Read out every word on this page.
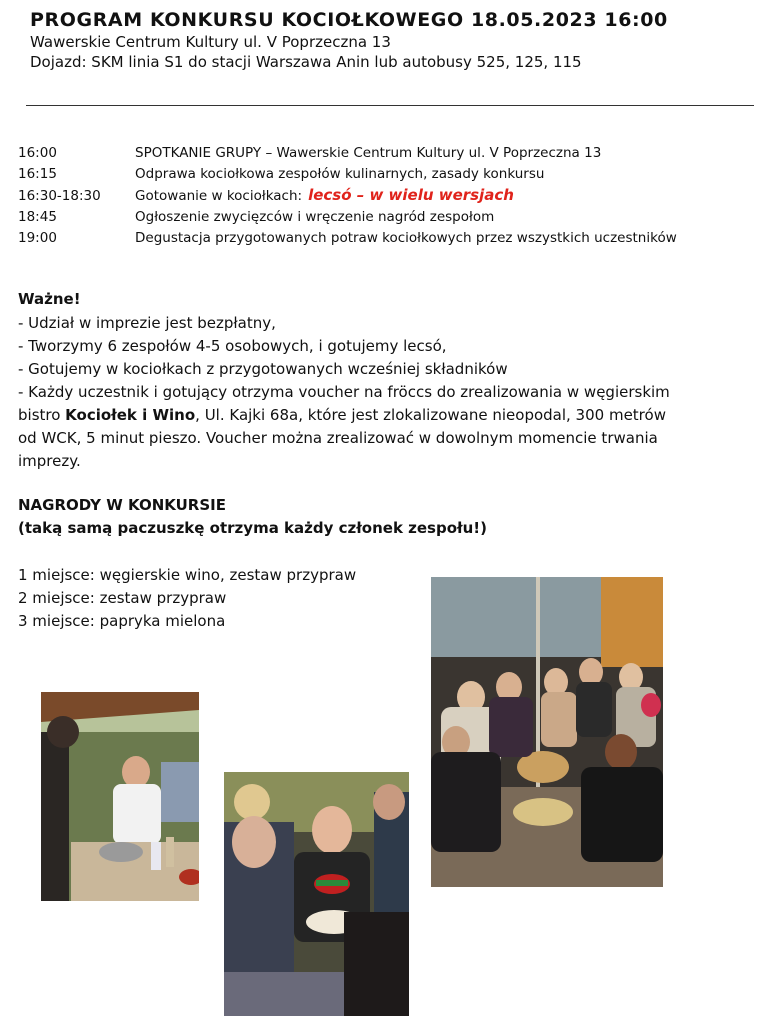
PROGRAM KONKURSU KOCIOŁKOWEGO 18.05.2023 16:00
Wawerskie Centrum Kultury ul. V Poprzeczna 13
Dojazd: SKM linia S1 do stacji Warszawa Anin lub autobusy 525, 125, 115
16:00	SPOTKANIE GRUPY – Wawerskie Centrum Kultury ul. V Poprzeczna 13
16:15	Odprawa kociołkowa zespołów kulinarnych, zasady konkursu
16:30-18:30	Gotowanie w kociołkach: lecsó – w wielu wersjach
18:45	Ogłoszenie zwycięzców i wręczenie nagród zespołom
19:00	Degustacja przygotowanych potraw kociołkowych przez wszystkich uczestników
Ważne!
- Udział w imprezie jest bezpłatny,
- Tworzymy 6 zespołów 4-5 osobowych, i gotujemy lecsó,
- Gotujemy w kociołkach z przygotowanych wcześniej składników
- Każdy uczestnik i gotujący otrzyma voucher na fröccs do zrealizowania w węgierskim
bistro Kociołek i Wino, Ul. Kajki 68a, które jest zlokalizowane nieopodal, 300 metrów
od WCK, 5 minut pieszo. Voucher można zrealizować w dowolnym momencie trwania
imprezy.
NAGRODY W KONKURSIE
(taką samą paczuszkę otrzyma każdy członek zespołu!)
1 miejsce: węgierskie wino, zestaw przypraw
2 miejsce: zestaw przypraw
3 miejsce: papryka mielona
